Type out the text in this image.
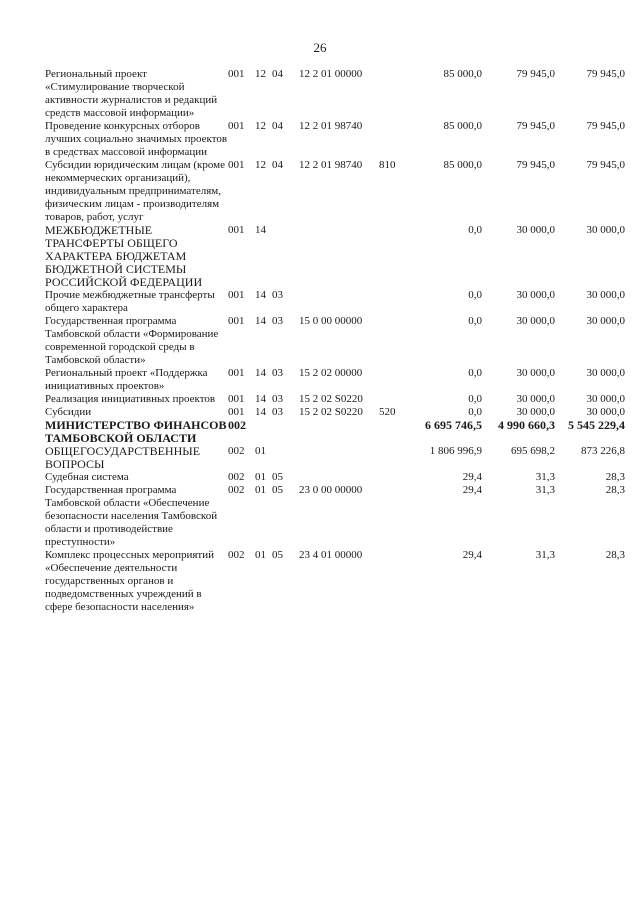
26
Региональный проект «Стимулирование творческой активности журналистов и редакций средств массовой информации»	001	12	04	12 2 01 00000		85 000,0	79 945,0	79 945,0
Проведение конкурсных отборов лучших социально значимых проектов в средствах массовой информации	001	12	04	12 2 01 98740		85 000,0	79 945,0	79 945,0
Субсидии юридическим лицам (кроме некоммерческих организаций), индивидуальным предпринимателям, физическим лицам - производителям товаров, работ, услуг	001	12	04	12 2 01 98740	810	85 000,0	79 945,0	79 945,0
МЕЖБЮДЖЕТНЫЕ ТРАНСФЕРТЫ ОБЩЕГО ХАРАКТЕРА БЮДЖЕТАМ БЮДЖЕТНОЙ СИСТЕМЫ РОССИЙСКОЙ ФЕДЕРАЦИИ	001	14				0,0	30 000,0	30 000,0
Прочие межбюджетные трансферты общего характера	001	14	03			0,0	30 000,0	30 000,0
Государственная программа Тамбовской области «Формирование современной городской среды в Тамбовской области»	001	14	03	15 0 00 00000		0,0	30 000,0	30 000,0
Региональный проект «Поддержка инициативных проектов»	001	14	03	15 2 02 00000		0,0	30 000,0	30 000,0
Реализация инициативных проектов	001	14	03	15 2 02 S0220		0,0	30 000,0	30 000,0
Субсидии	001	14	03	15 2 02 S0220	520	0,0	30 000,0	30 000,0
МИНИСТЕРСТВО ФИНАНСОВ ТАМБОВСКОЙ ОБЛАСТИ	002					6 695 746,5	4 990 660,3	5 545 229,4
ОБЩЕГОСУДАРСТВЕННЫЕ ВОПРОСЫ	002	01				1 806 996,9	695 698,2	873 226,8
Судебная система	002	01	05			29,4	31,3	28,3
Государственная программа Тамбовской области «Обеспечение безопасности населения Тамбовской области и противодействие преступности»	002	01	05	23 0 00 00000		29,4	31,3	28,3
Комплекс процессных мероприятий «Обеспечение деятельности государственных органов и подведомственных учреждений в сфере безопасности населения»	002	01	05	23 4 01 00000		29,4	31,3	28,3
